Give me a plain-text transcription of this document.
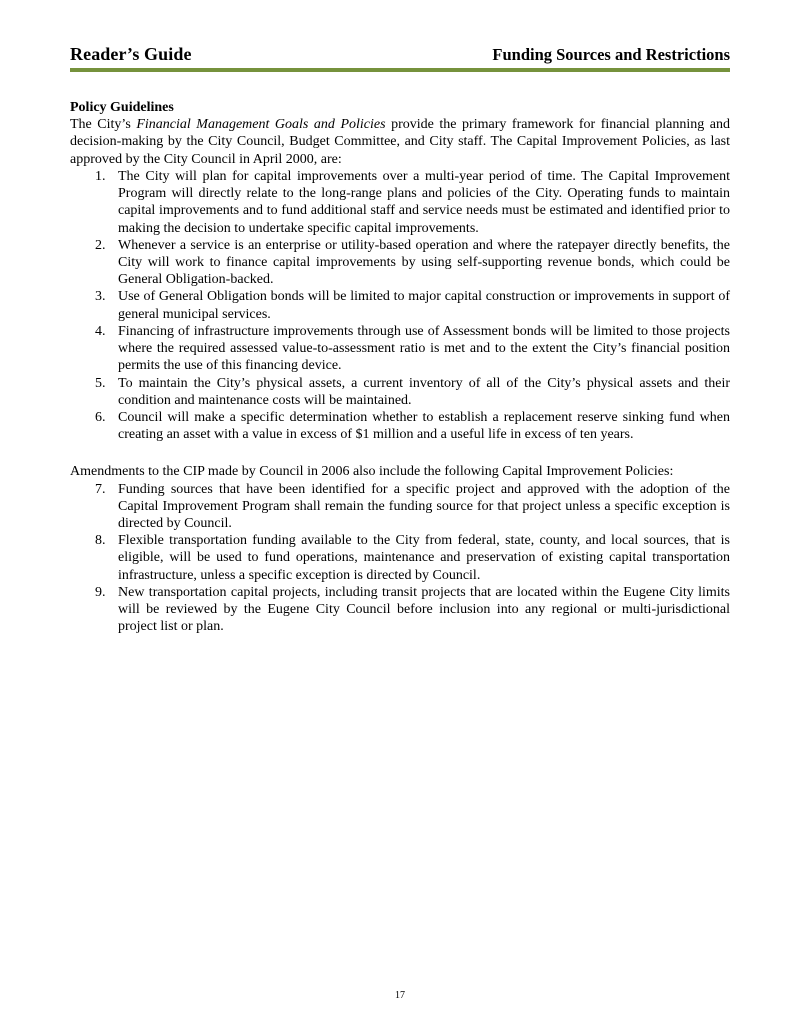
Reader’s Guide	Funding Sources and Restrictions
Policy Guidelines

The City’s Financial Management Goals and Policies provide the primary framework for financial planning and decision-making by the City Council, Budget Committee, and City staff. The Capital Improvement Policies, as last approved by the City Council in April 2000, are:

1. The City will plan for capital improvements over a multi-year period of time. The Capital Improvement Program will directly relate to the long-range plans and policies of the City. Operating funds to maintain capital improvements and to fund additional staff and service needs must be estimated and identified prior to making the decision to undertake specific capital improvements.
2. Whenever a service is an enterprise or utility-based operation and where the ratepayer directly benefits, the City will work to finance capital improvements by using self-supporting revenue bonds, which could be General Obligation-backed.
3. Use of General Obligation bonds will be limited to major capital construction or improvements in support of general municipal services.
4. Financing of infrastructure improvements through use of Assessment bonds will be limited to those projects where the required assessed value-to-assessment ratio is met and to the extent the City’s financial position permits the use of this financing device.
5. To maintain the City’s physical assets, a current inventory of all of the City’s physical assets and their condition and maintenance costs will be maintained.
6. Council will make a specific determination whether to establish a replacement reserve sinking fund when creating an asset with a value in excess of $1 million and a useful life in excess of ten years.

Amendments to the CIP made by Council in 2006 also include the following Capital Improvement Policies:

7. Funding sources that have been identified for a specific project and approved with the adoption of the Capital Improvement Program shall remain the funding source for that project unless a specific exception is directed by Council.
8. Flexible transportation funding available to the City from federal, state, county, and local sources, that is eligible, will be used to fund operations, maintenance and preservation of existing capital transportation infrastructure, unless a specific exception is directed by Council.
9. New transportation capital projects, including transit projects that are located within the Eugene City limits will be reviewed by the Eugene City Council before inclusion into any regional or multi-jurisdictional project list or plan.
17
